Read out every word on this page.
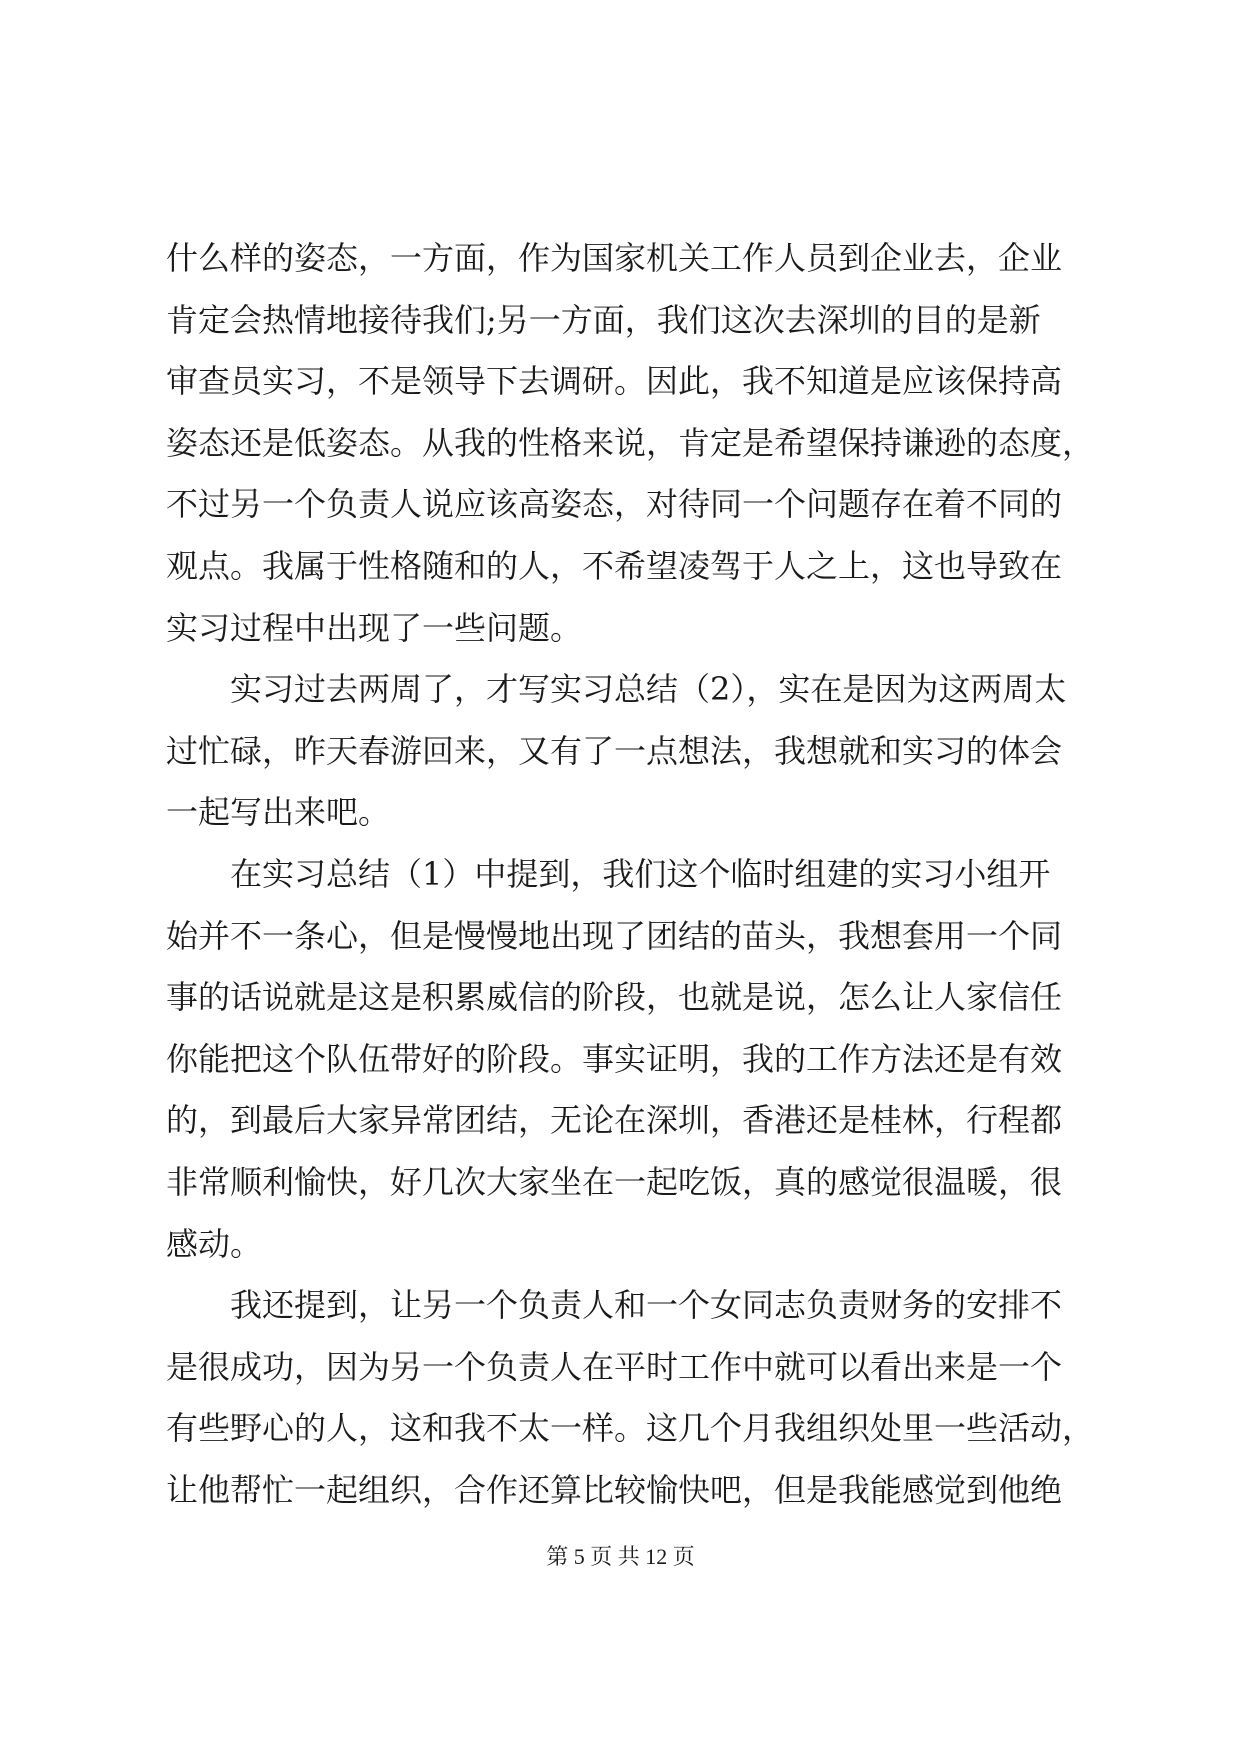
什么样的姿态，一方面，作为国家机关工作人员到企业去，企业
肯定会热情地接待我们;另一方面，我们这次去深圳的目的是新
审查员实习，不是领导下去调研。因此，我不知道是应该保持高
姿态还是低姿态。从我的性格来说，肯定是希望保持谦逊的态度，
不过另一个负责人说应该高姿态，对待同一个问题存在着不同的
观点。我属于性格随和的人，不希望凌驾于人之上，这也导致在
实习过程中出现了一些问题。
实习过去两周了，才写实习总结（2），实在是因为这两周太
过忙碌，昨天春游回来，又有了一点想法，我想就和实习的体会
一起写出来吧。
在实习总结（1）中提到，我们这个临时组建的实习小组开
始并不一条心，但是慢慢地出现了团结的苗头，我想套用一个同
事的话说就是这是积累威信的阶段，也就是说，怎么让人家信任
你能把这个队伍带好的阶段。事实证明，我的工作方法还是有效
的，到最后大家异常团结，无论在深圳，香港还是桂林，行程都
非常顺利愉快，好几次大家坐在一起吃饭，真的感觉很温暖，很
感动。
我还提到，让另一个负责人和一个女同志负责财务的安排不
是很成功，因为另一个负责人在平时工作中就可以看出来是一个
有些野心的人，这和我不太一样。这几个月我组织处里一些活动，
让他帮忙一起组织，合作还算比较愉快吧，但是我能感觉到他绝
第 5 页 共 12 页
